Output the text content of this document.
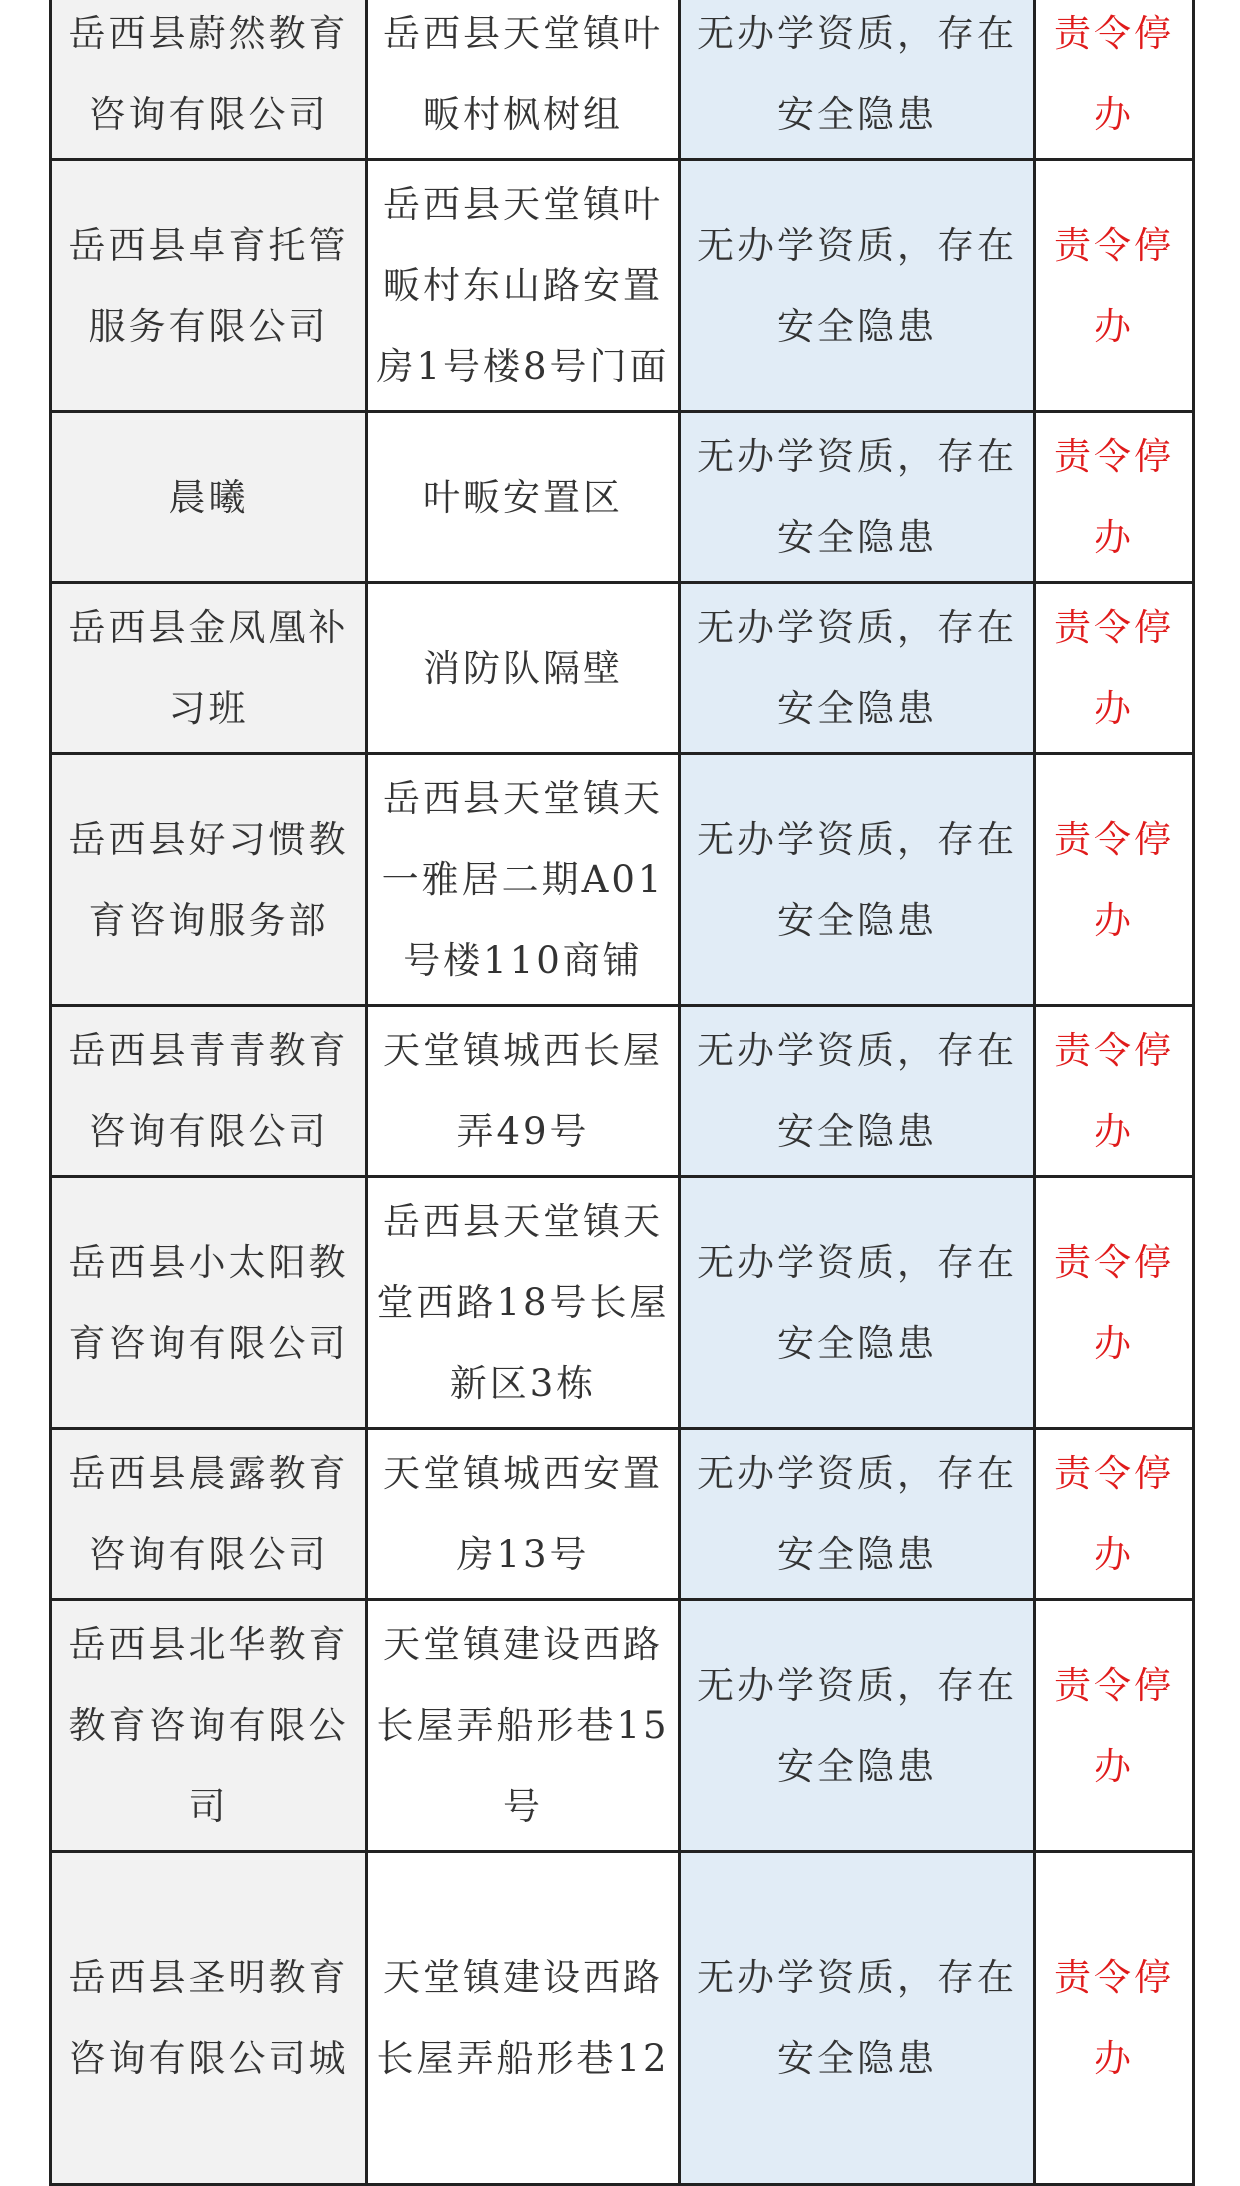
岳西县蔚然教育咨询有限公司	岳西县天堂镇叶畈村枫树组	无办学资质，存在安全隐患	责令停办
岳西县卓育托管服务有限公司	岳西县天堂镇叶畈村东山路安置房1号楼8号门面	无办学资质，存在安全隐患	责令停办
晨曦	叶畈安置区	无办学资质，存在安全隐患	责令停办
岳西县金凤凰补习班	消防队隔壁	无办学资质，存在安全隐患	责令停办
岳西县好习惯教育咨询服务部	岳西县天堂镇天一雅居二期A01号楼110商铺	无办学资质，存在安全隐患	责令停办
岳西县青青教育咨询有限公司	天堂镇城西长屋弄49号	无办学资质，存在安全隐患	责令停办
岳西县小太阳教育咨询有限公司	岳西县天堂镇天堂西路18号长屋新区3栋	无办学资质，存在安全隐患	责令停办
岳西县晨露教育咨询有限公司	天堂镇城西安置房13号	无办学资质，存在安全隐患	责令停办
岳西县北华教育教育咨询有限公司	天堂镇建设西路长屋弄船形巷15号	无办学资质，存在安全隐患	责令停办
岳西县圣明教育咨询有限公司城	天堂镇建设西路长屋弄船形巷12	无办学资质，存在安全隐患	责令停办
